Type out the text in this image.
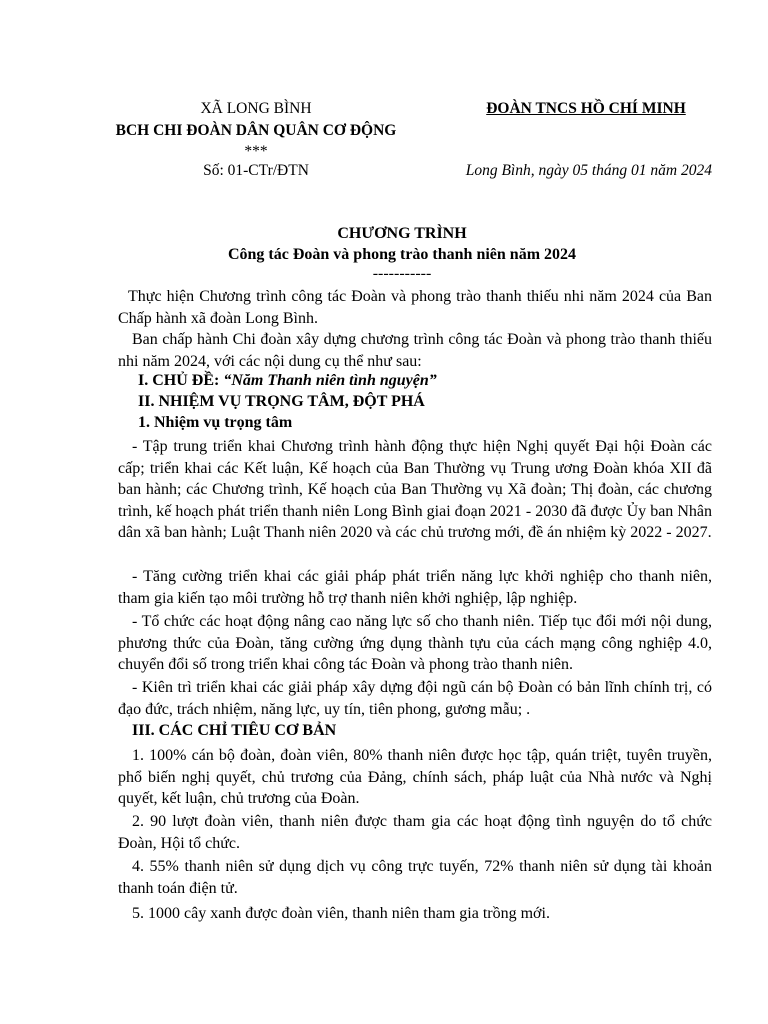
XÃ LONG BÌNH
BCH CHI ĐOÀN DÂN QUÂN CƠ ĐỘNG
***
Số: 01-CTr/ĐTN
ĐOÀN TNCS HỒ CHÍ MINH
Long Bình, ngày 05 tháng 01 năm 2024
CHƯƠNG TRÌNH
Công tác Đoàn và phong trào thanh niên năm 2024
-----------
Thực hiện Chương trình công tác Đoàn và phong trào thanh thiếu nhi năm 2024 của Ban Chấp hành xã đoàn Long Bình.
Ban chấp hành Chi đoàn xây dựng chương trình công tác Đoàn và phong trào thanh thiếu nhi năm 2024, với các nội dung cụ thể như sau:
I. CHỦ ĐỀ: “Năm Thanh niên tình nguyện”
II. NHIỆM VỤ TRỌNG TÂM, ĐỘT PHÁ
1. Nhiệm vụ trọng tâm
- Tập trung triển khai Chương trình hành động thực hiện Nghị quyết Đại hội Đoàn các cấp; triển khai các Kết luận, Kế hoạch của Ban Thường vụ Trung ương Đoàn khóa XII đã ban hành; các Chương trình, Kế hoạch của Ban Thường vụ Xã đoàn; Thị đoàn, các chương trình, kế hoạch phát triển thanh niên Long Bình giai đoạn 2021 - 2030 đã được Ủy ban Nhân dân xã ban hành; Luật Thanh niên 2020 và các chủ trương mới, đề án nhiệm kỳ 2022 - 2027.
- Tăng cường triển khai các giải pháp phát triển năng lực khởi nghiệp cho thanh niên, tham gia kiến tạo môi trường hỗ trợ thanh niên khởi nghiệp, lập nghiệp.
- Tổ chức các hoạt động nâng cao năng lực số cho thanh niên. Tiếp tục đổi mới nội dung, phương thức của Đoàn, tăng cường ứng dụng thành tựu của cách mạng công nghiệp 4.0, chuyển đổi số trong triển khai công tác Đoàn và phong trào thanh niên.
- Kiên trì triển khai các giải pháp xây dựng đội ngũ cán bộ Đoàn có bản lĩnh chính trị, có đạo đức, trách nhiệm, năng lực, uy tín, tiên phong, gương mẫu; .
III. CÁC CHỈ TIÊU CƠ BẢN
1. 100% cán bộ đoàn, đoàn viên, 80% thanh niên được học tập, quán triệt, tuyên truyền, phổ biến nghị quyết, chủ trương của Đảng, chính sách, pháp luật của Nhà nước và Nghị quyết, kết luận, chủ trương của Đoàn.
2. 90 lượt đoàn viên, thanh niên được tham gia các hoạt động tình nguyện do tổ chức Đoàn, Hội tổ chức.
4. 55% thanh niên sử dụng dịch vụ công trực tuyến, 72% thanh niên sử dụng tài khoản thanh toán điện tử.
5. 1000 cây xanh được đoàn viên, thanh niên tham gia trồng mới.
